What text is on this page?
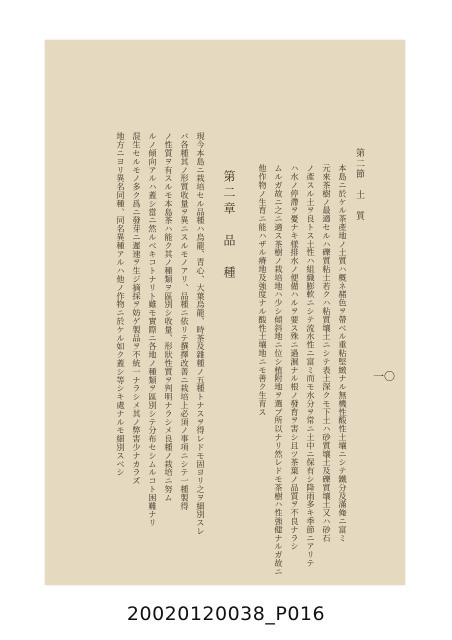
一〇
第二節　土　質
本島ニ於ケル茶產地ノ土質ハ概ネ赭色ヲ帶ベル重粘堅緻ナル無機性酸性土壤ニシテ鐵分及滿俺ニ富ミ
元來茶樹ノ最適セルハ礫質粘土若クハ粘質壤土ニシテ表土深クモ下土ハ砂質壤土及礫質壤土又ハ砂石
ノ產スル土ヲ良トス土性ハ組織膨軟ニシテ流水性ニ富ミ而モ水分ヲ常ニ土中ニ保有シ降雨多キ季節ニアリテ
ハ水ノ停滯ヲ憂ナキ様排水ノ便備ハルヲ要ス殊ニ過濕ナル根ノ發育ヲ害シ且ツ茶葉ノ品質ヲ不良ナラシ
ムルガ故ニ之ニ適ス茶樹ノ栽培地ハ少シ傾斜地ニ位シ植附地ヲ選ブ所以ナリ然レドモ茶樹ハ性強健ナルガ故ニ
他作物ノ生育ニ能ハザル瘠地及強度ナル酸性土壤地ニモ善ク生育ス
第二章　品　種
現今本島ニ栽培セル品種ハ烏龍、青心、大葉烏龍、時茶及雜種ノ五種トナスヲ得レドモ固ヨリ之ヲ細別スレ
バ各種其ノ形質收量ヲ異ニスルモノアリ、品種ニ依リテ撰擇改善ニ栽培上必須ノ事項ニシテ一種製得
ノ性質ヲ有スルモ本島茶ハ能ク其ノ種類ヲ區別シ收量、形狀性質ヲ判明ナラシメ良種ノ栽培ニ努ム
ルノ傾向アルハ蓋シ當ニ然ルベキコトナリト雖モ實際ニ各地ノ種類ヲ區別シテ分布セシムルコト困難ナリ
混生セルモノ多ク爲ニ發芽ニ遲速ヲ生ジ摘採ヲ妨ゲ製品ヲ不統一ナラシメ其ノ弊害少ナカラズ
地方ニヨリ異名同種、同名異種アルハ他ノ作物ニ於ケル如ク蓋シ等シキ處ナルモ細別スベシ
20020120038_P016
